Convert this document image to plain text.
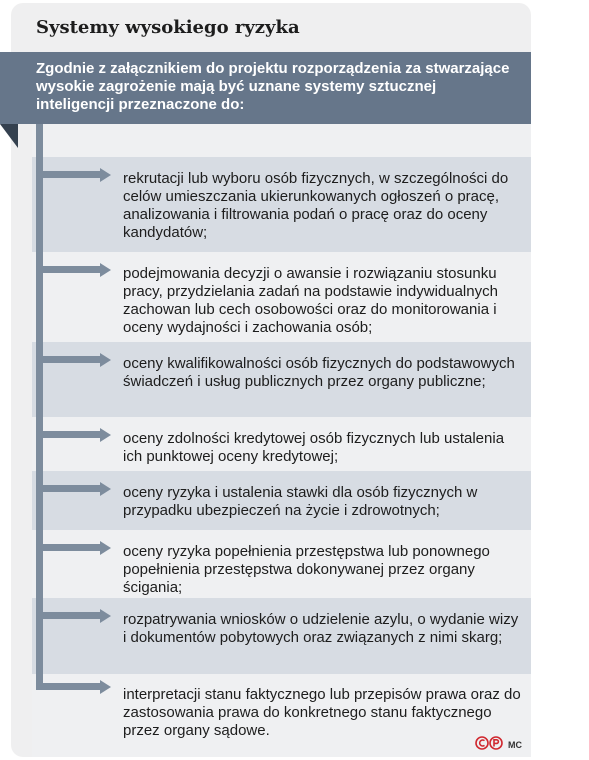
Systemy wysokiego ryzyka

Zgodnie z załącznikiem do projektu rozporządzenia za stwarzające wysokie zagrożenie mają być uznane systemy sztucznej inteligencji przeznaczone do:

rekrutacji lub wyboru osób fizycznych, w szczególności do celów umieszczania ukierunkowanych ogłoszeń o pracę, analizowania i filtrowania podań o pracę oraz do oceny kandydatów;

podejmowania decyzji o awansie i rozwiązaniu stosunku pracy, przydzielania zadań na podstawie indywidualnych zachowan lub cech osobowości oraz do monitorowania i oceny wydajności i zachowania osób;

oceny kwalifikowalności osób fizycznych do podstawowych świadczeń i usług publicznych przez organy publiczne;

oceny zdolności kredytowej osób fizycznych lub ustalenia ich punktowej oceny kredytowej;

oceny ryzyka i ustalenia stawki dla osób fizycznych w przypadku ubezpieczeń na życie i zdrowotnych;

oceny ryzyka popełnienia przestępstwa lub ponownego popełnienia przestępstwa dokonywanej przez organy ścigania;

rozpatrywania wniosków o udzielenie azylu, o wydanie wizy i dokumentów pobytowych oraz związanych z nimi skarg;

interpretacji stanu faktycznego lub przepisów prawa oraz do zastosowania prawa do konkretnego stanu faktycznego przez organy sądowe.

MC
